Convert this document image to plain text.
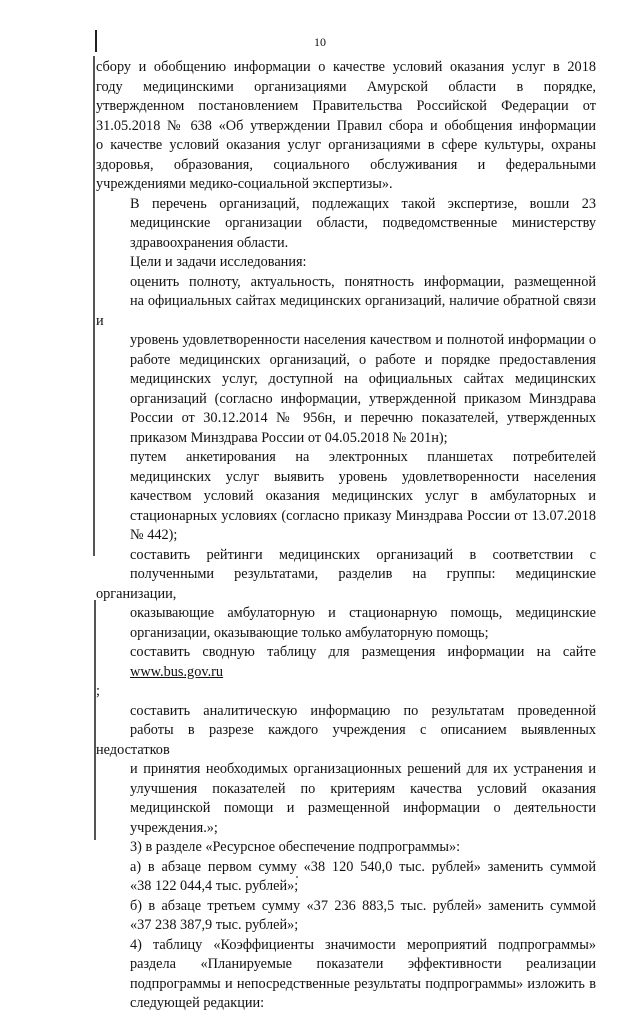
10

сбору и обобщению информации о качестве условий оказания услуг в 2018
году медицинскими организациями Амурской области в порядке,
утвержденном постановлением Правительства Российской Федерации от
31.05.2018 № 638 «Об утверждении Правил сбора и обобщения информации
о качестве условий оказания услуг организациями в сфере культуры, охраны
здоровья, образования, социального обслуживания и федеральными
учреждениями медико-социальной экспертизы».

В перечень организаций, подлежащих такой экспертизе, вошли 23
медицинские организации области, подведомственные министерству
здравоохранения области.

Цели и задачи исследования:

оценить полноту, актуальность, понятность информации, размещенной
на официальных сайтах медицинских организаций, наличие обратной связи и
уровень удовлетворенности населения качеством и полнотой информации о
работе медицинских организаций, о работе и порядке предоставления
медицинских услуг, доступной на официальных сайтах медицинских
организаций (согласно информации, утвержденной приказом Минздрава
России от 30.12.2014 № 956н, и перечню показателей, утвержденных
приказом Минздрава России от 04.05.2018 № 201н);

путем анкетирования на электронных планшетах потребителей
медицинских услуг выявить уровень удовлетворенности населения
качеством условий оказания медицинских услуг в амбулаторных и
стационарных условиях (согласно приказу Минздрава России от 13.07.2018
№ 442);

составить рейтинги медицинских организаций в соответствии с
полученными результатами, разделив на группы: медицинские организации,
оказывающие амбулаторную и стационарную помощь, медицинские
организации, оказывающие только амбулаторную помощь;

составить сводную таблицу для размещения информации на сайте
www.bus.gov.ru
;

составить аналитическую информацию по результатам проведенной
работы в разрезе каждого учреждения с описанием выявленных недостатков
и принятия необходимых организационных решений для их устранения и
улучшения показателей по критериям качества условий оказания
медицинской помощи и размещенной информации о деятельности
учреждения.»;

3) в разделе «Ресурсное обеспечение подпрограммы»:

а) в абзаце первом сумму «38 120 540,0 тыс. рублей» заменить суммой
«38 122 044,4 тыс. рублей»;

б) в абзаце третьем сумму «37 236 883,5 тыс. рублей» заменить суммой
«37 238 387,9 тыс. рублей»;

4) таблицу «Коэффициенты значимости мероприятий подпрограммы»
раздела «Планируемые показатели эффективности реализации
подпрограммы и непосредственные результаты подпрограммы» изложить в
следующей редакции:
